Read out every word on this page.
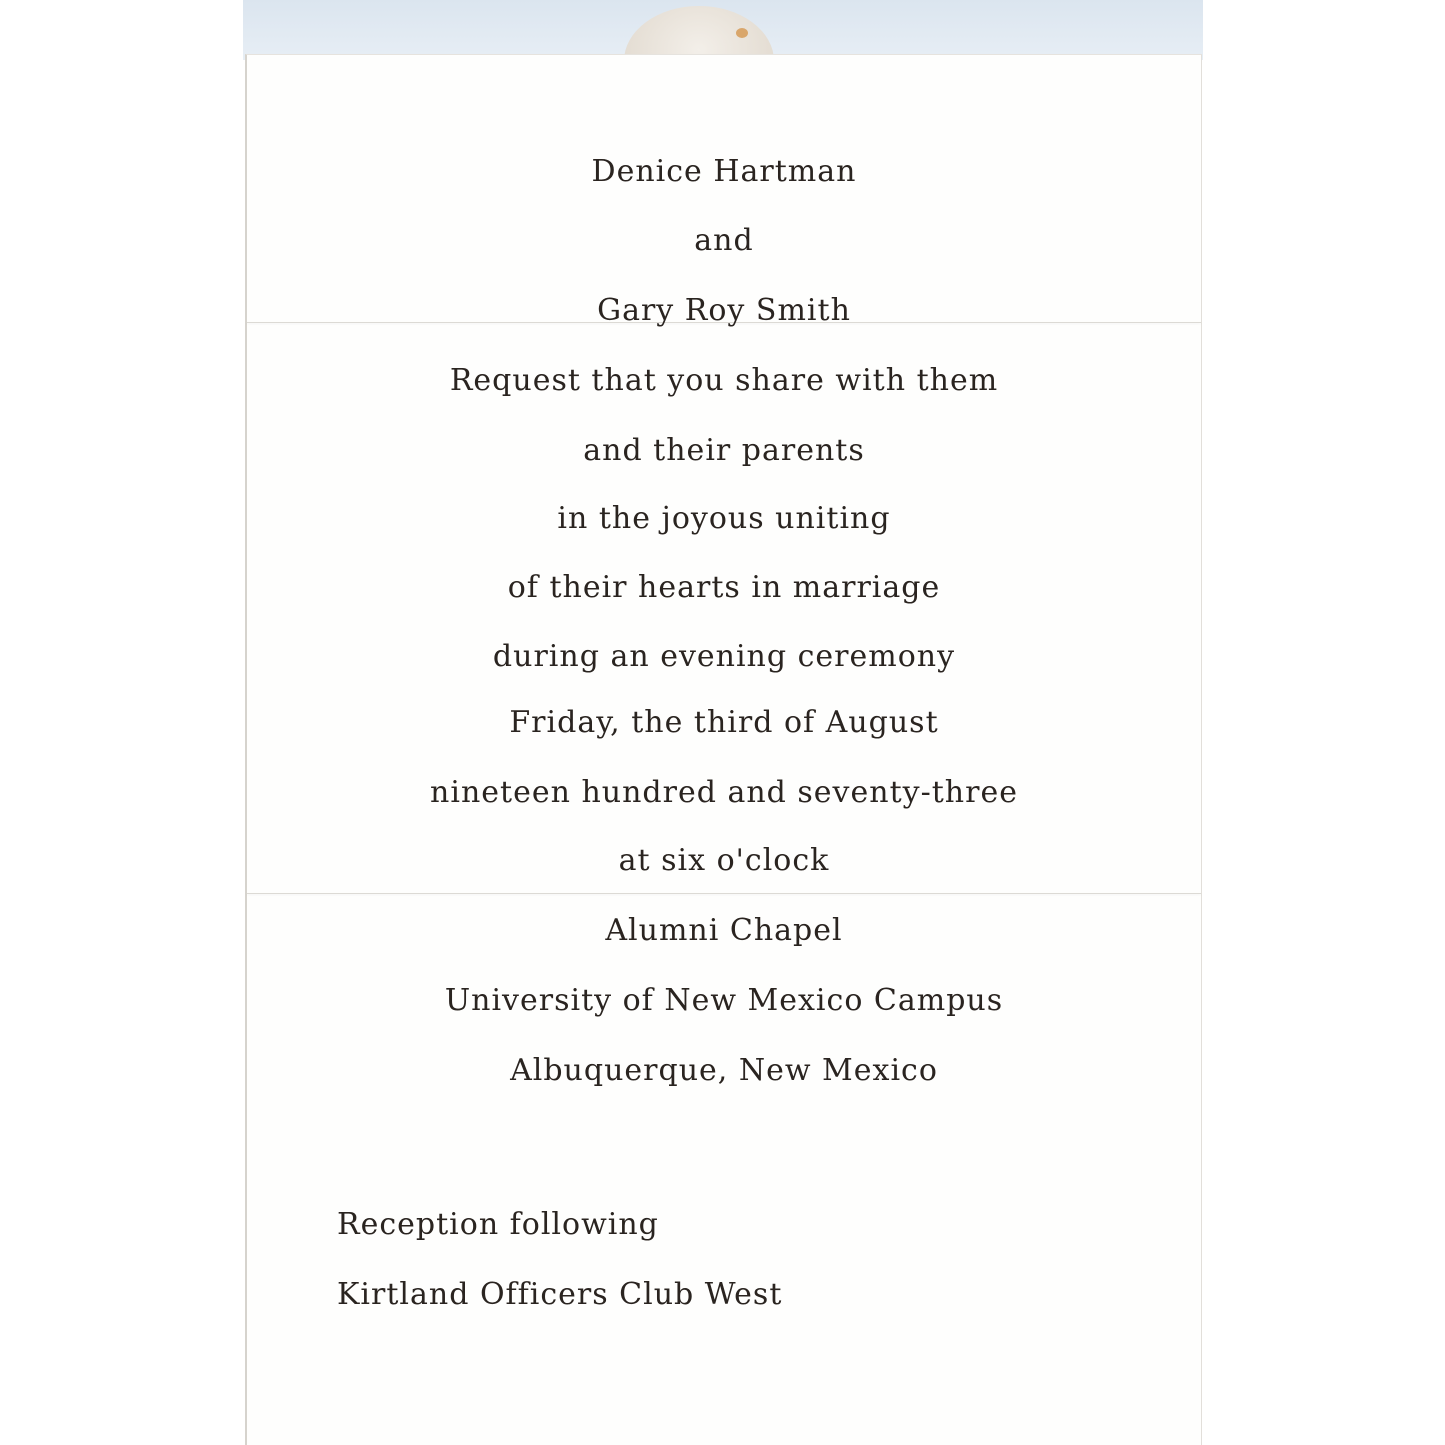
Denice Hartman

and

Gary Roy Smith

Request that you share with them

and their parents

in the joyous uniting

of their hearts in marriage

during an evening ceremony

Friday, the third of August

nineteen hundred and seventy-three

at six o'clock

Alumni Chapel

University of New Mexico Campus

Albuquerque, New Mexico

Reception following

Kirtland Officers Club West
